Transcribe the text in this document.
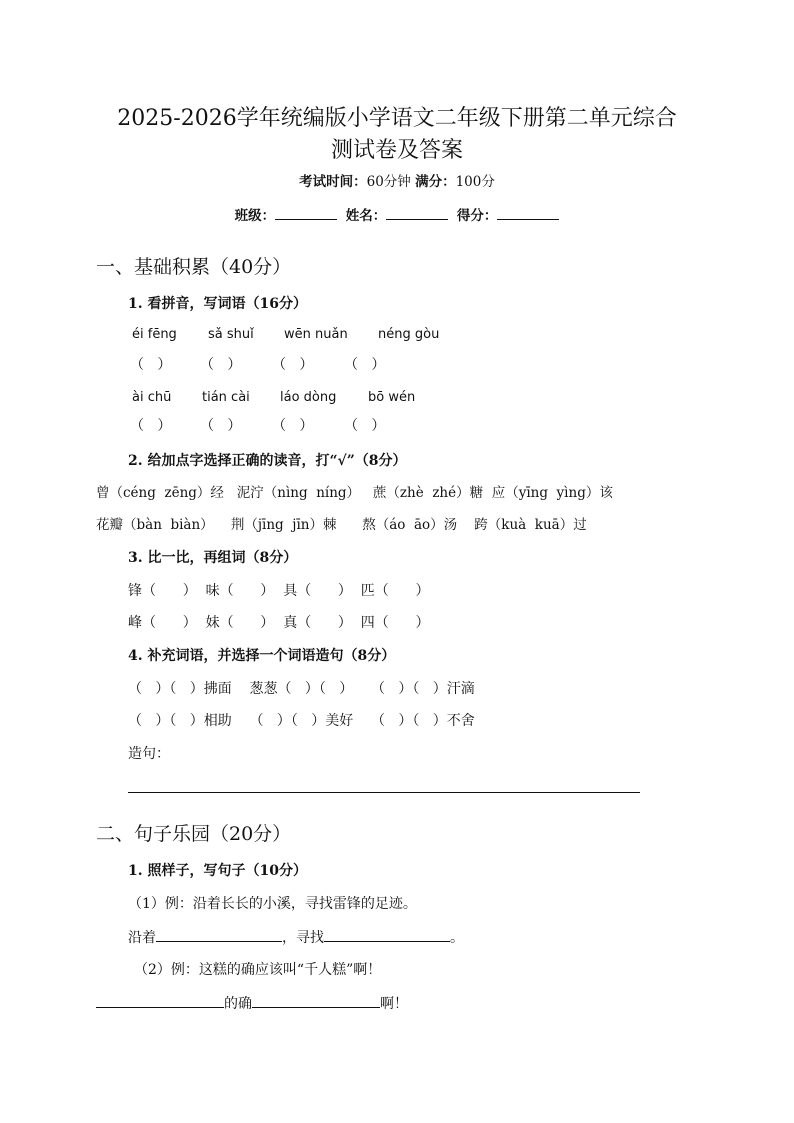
2025-2026学年统编版小学语文二年级下册第二单元综合
测试卷及答案
考试时间：60分钟 满分：100分
班级：	姓名：	得分：
一、基础积累（40分）
1. 看拼音，写词语（16分）
éi fēng sǎ shuǐ wēn nuǎn néng gòu
（ ） （ ） （ ） （ ）
ài chū tián cài láo dòng bō wén
（ ） （ ） （ ） （ ）
2. 给加点字选择正确的读音，打“√”（8分）
曾（céng  zēng）经   泥泞（nìng  níng）   蔗（zhè  zhé）糖  应（yīng  yìng）该
花瓣（bàn  biàn）    荆（jīng  jīn）棘      熬（áo  āo）汤    跨（kuà  kuā）过
3. 比一比，再组词（8分）
锋（      ）  味（      ）  具（      ）  匹（      ）
峰（      ）  妹（      ）  真（      ）  四（      ）
4. 补充词语，并选择一个词语造句（8分）
（   ）（   ）拂面    葱葱（   ）（   ）    （   ）（   ）汗滴
（   ）（   ）相助    （   ）（   ）美好    （   ）（   ）不舍
造句：
二、句子乐园（20分）
1. 照样子，写句子（10分）
（1）例：沿着长长的小溪，寻找雷锋的足迹。
沿着	，寻找	。
（2）例：这糕的确应该叫“千人糕”啊！
的确	啊！
